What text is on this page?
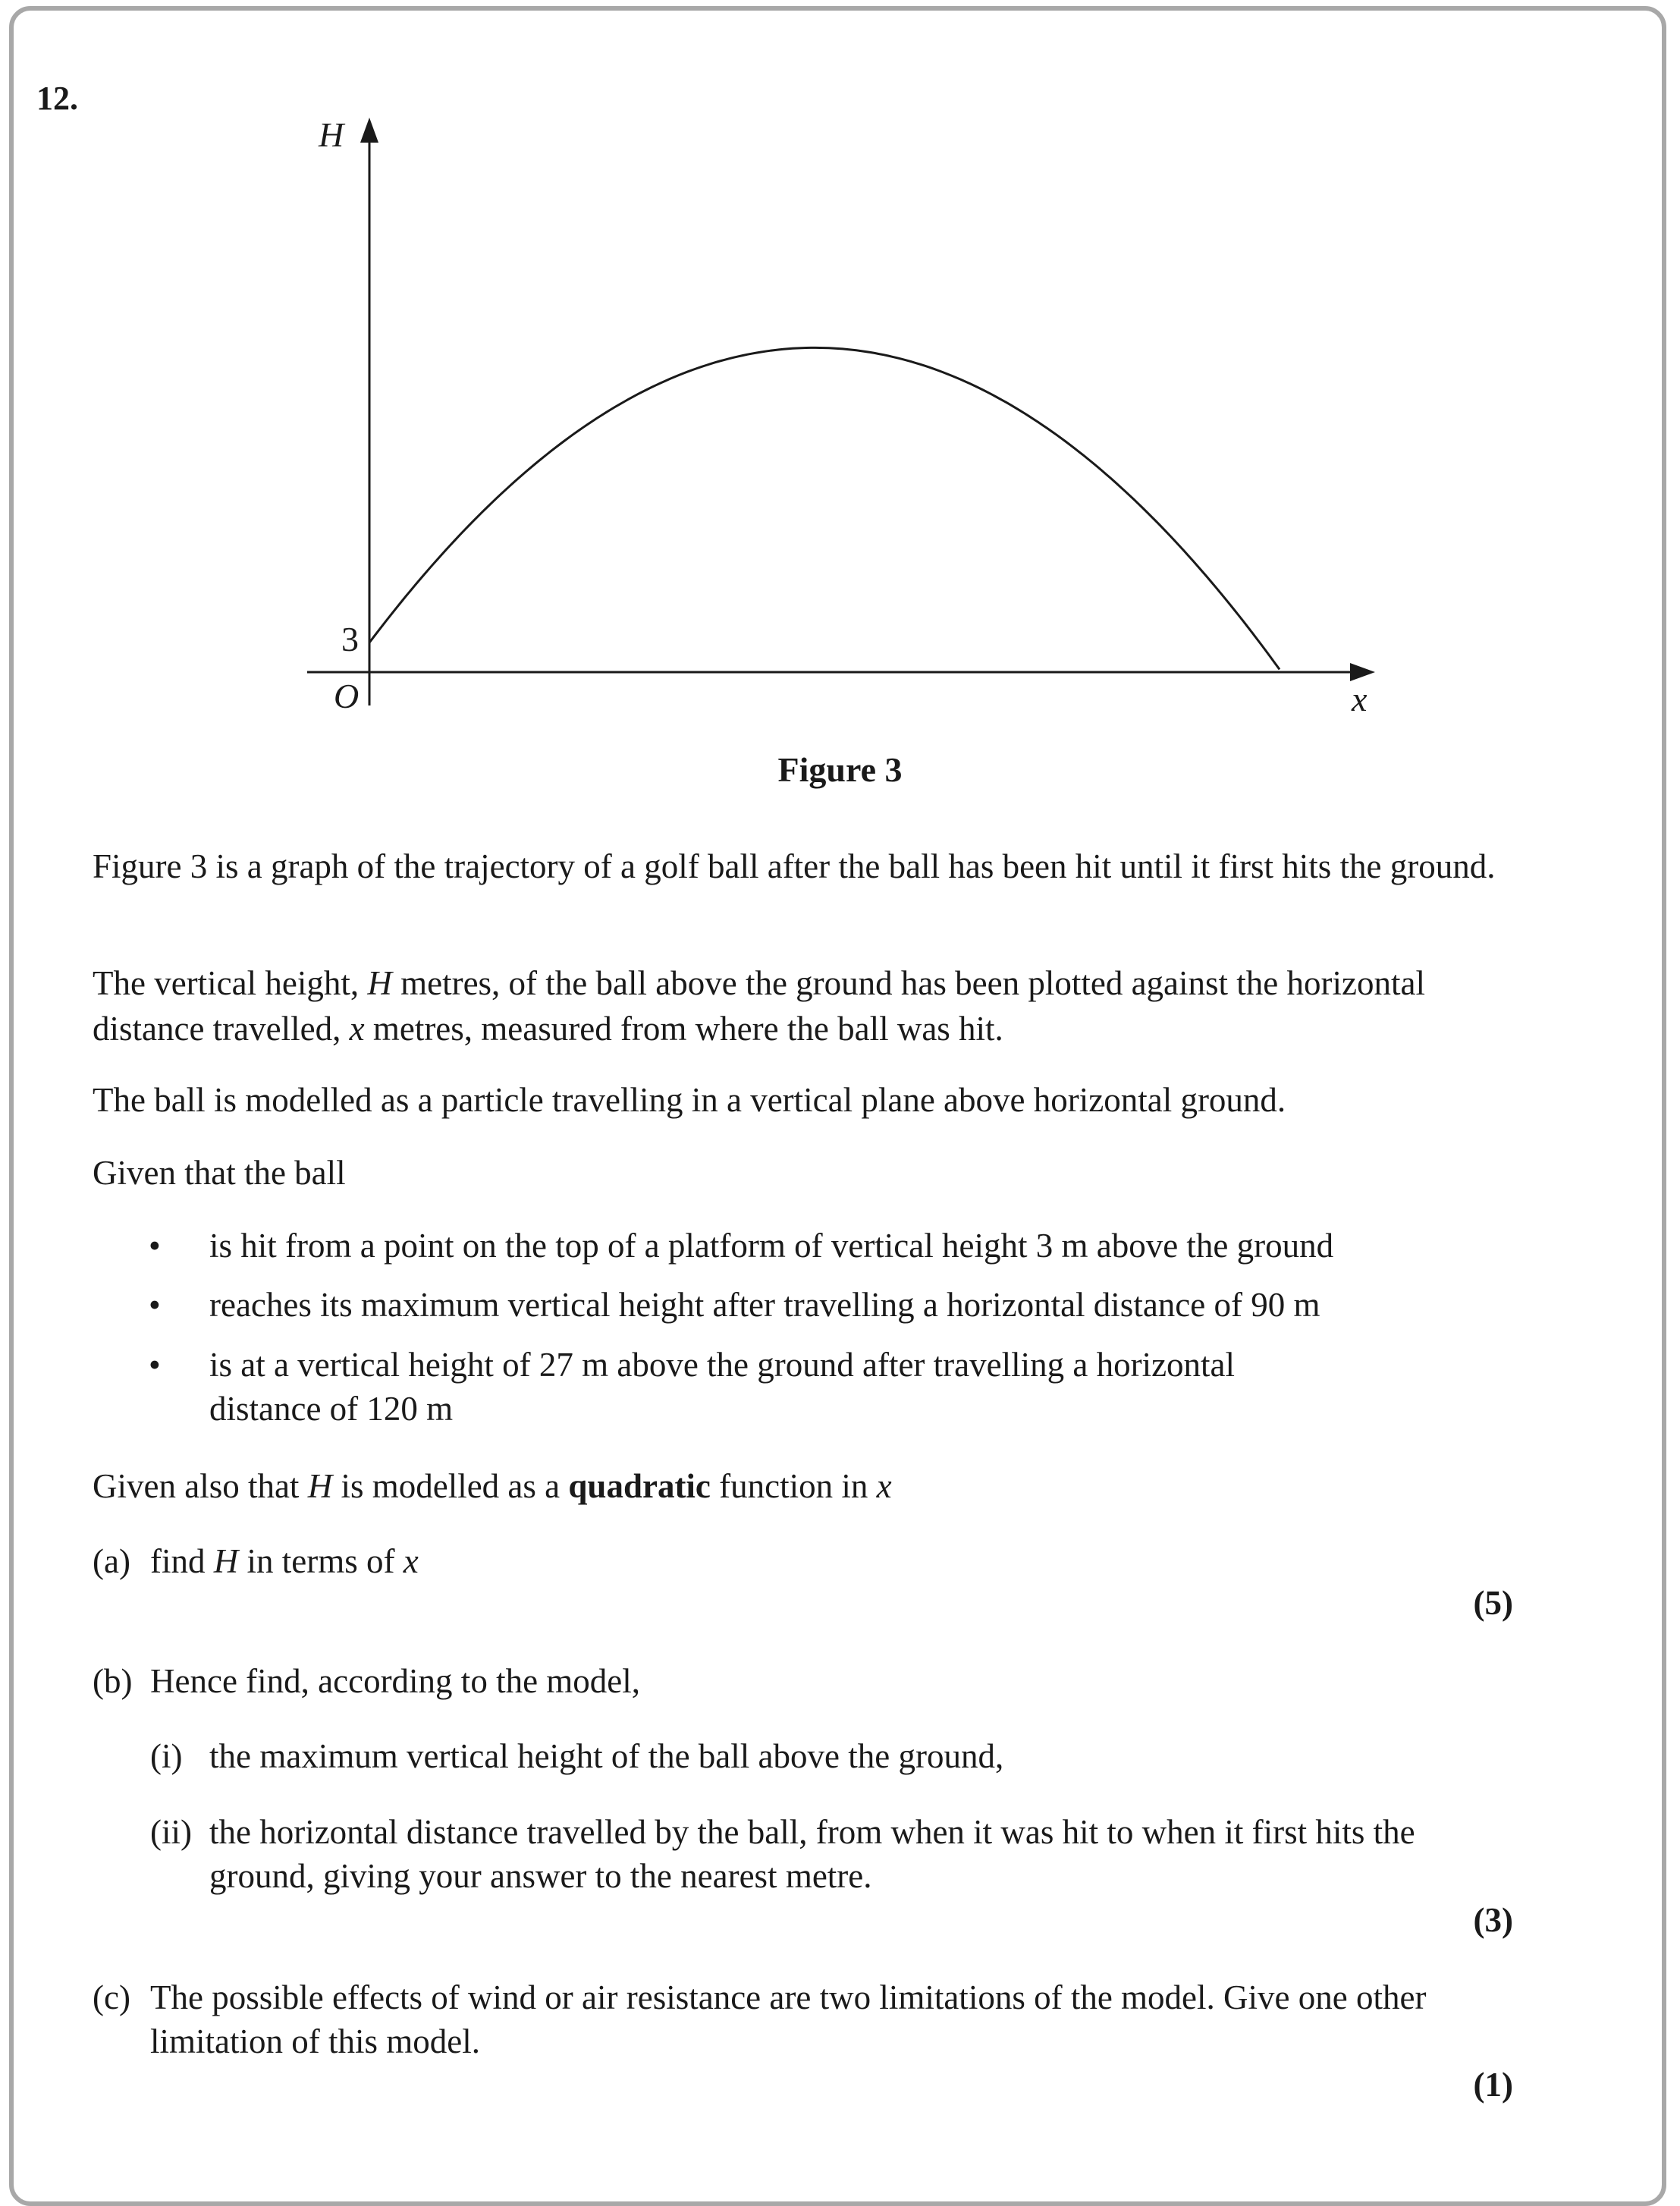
12.
H
x
O
3
Figure 3

Figure 3 is a graph of the trajectory of a golf ball after the ball has been hit until it first hits the ground.

The vertical height, H metres, of the ball above the ground has been plotted against the horizontal distance travelled, x metres, measured from where the ball was hit.

The ball is modelled as a particle travelling in a vertical plane above horizontal ground.

Given that the ball

• is hit from a point on the top of a platform of vertical height 3 m above the ground
• reaches its maximum vertical height after travelling a horizontal distance of 90 m
• is at a vertical height of 27 m above the ground after travelling a horizontal distance of 120 m

Given also that H is modelled as a quadratic function in x

(a) find H in terms of x
(5)
(b) Hence find, according to the model,
(i) the maximum vertical height of the ball above the ground,
(ii) the horizontal distance travelled by the ball, from when it was hit to when it first hits the ground, giving your answer to the nearest metre.
(3)
(c) The possible effects of wind or air resistance are two limitations of the model. Give one other limitation of this model.
(1)
